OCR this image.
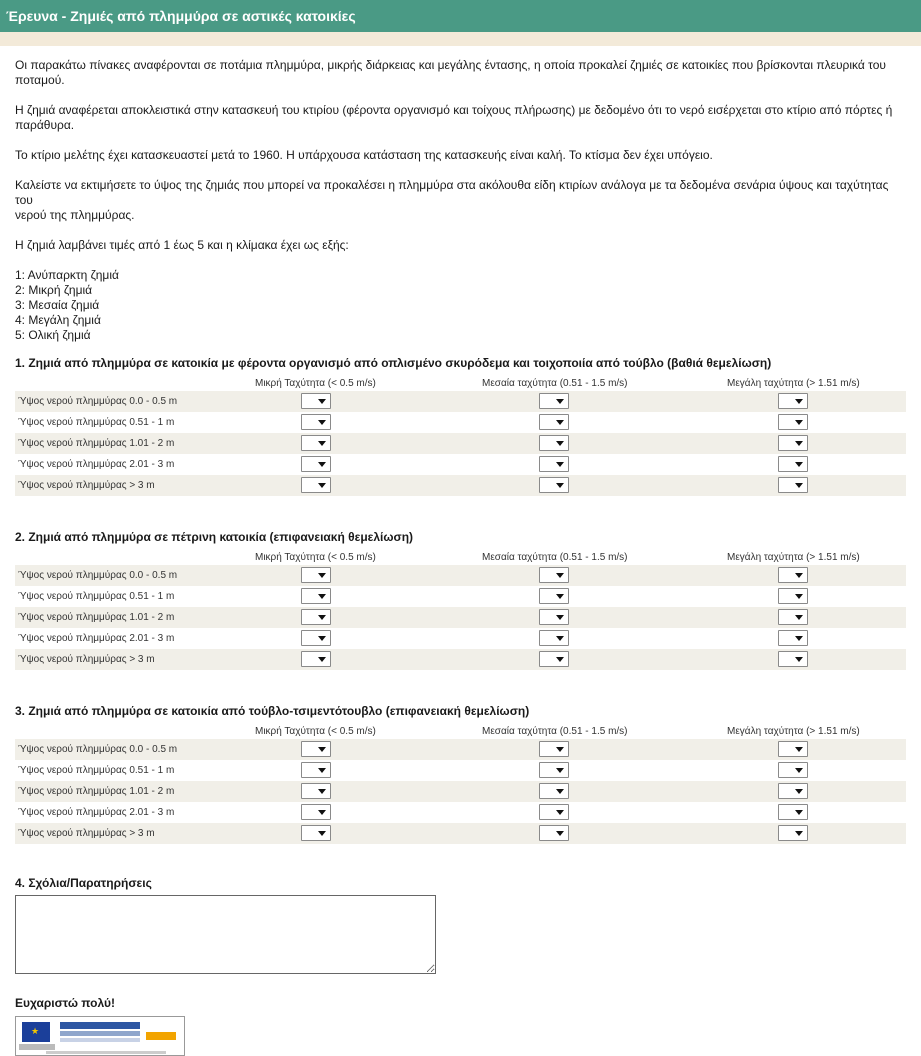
Έρευνα - Ζημιές από πλημμύρα σε αστικές κατοικίες

Οι παρακάτω πίνακες αναφέρονται σε ποτάμια πλημμύρα, μικρής διάρκειας και μεγάλης έντασης, η οποία προκαλεί ζημιές σε κατοικίες που βρίσκονται πλευρικά του

ποταμού.

Η ζημιά αναφέρεται αποκλειστικά στην κατασκευή του κτιρίου (φέροντα οργανισμό και τοίχους πλήρωσης) με δεδομένο ότι το νερό εισέρχεται στο κτίριο από πόρτες ή

παράθυρα.

Το κτίριο μελέτης έχει κατασκευαστεί μετά το 1960. Η υπάρχουσα κατάσταση της κατασκευής είναι καλή. Το κτίσμα δεν έχει υπόγειο.

Καλείστε να εκτιμήσετε το ύψος της ζημιάς που μπορεί να προκαλέσει η πλημμύρα στα ακόλουθα είδη κτιρίων ανάλογα με τα δεδομένα σενάρια ύψους και ταχύτητας του

νερού της πλημμύρας.

Η ζημιά λαμβάνει τιμές από 1 έως 5 και η κλίμακα έχει ως εξής:

1: Ανύπαρκτη ζημιά

2: Μικρή ζημιά

3: Μεσαία ζημιά

4: Μεγάλη ζημιά

5: Ολική ζημιά

1. Ζημιά από πλημμύρα σε κατοικία με φέροντα οργανισμό από οπλισμένο σκυρόδεμα και τοιχοποιία από τούβλο (βαθιά θεμελίωση)

Μικρή Ταχύτητα (< 0.5 m/s)	Μεσαία ταχύτητα (0.51 - 1.5 m/s)	Μεγάλη ταχύτητα (> 1.51 m/s)
Ύψος νερού πλημμύρας 0.0 - 0.5 m
Ύψος νερού πλημμύρας 0.51 - 1 m
Ύψος νερού πλημμύρας 1.01 - 2 m
Ύψος νερού πλημμύρας 2.01 - 3 m
Ύψος νερού πλημμύρας > 3 m

2. Ζημιά από πλημμύρα σε πέτρινη κατοικία (επιφανειακή θεμελίωση)

Μικρή Ταχύτητα (< 0.5 m/s)	Μεσαία ταχύτητα (0.51 - 1.5 m/s)	Μεγάλη ταχύτητα (> 1.51 m/s)
Ύψος νερού πλημμύρας 0.0 - 0.5 m
Ύψος νερού πλημμύρας 0.51 - 1 m
Ύψος νερού πλημμύρας 1.01 - 2 m
Ύψος νερού πλημμύρας 2.01 - 3 m
Ύψος νερού πλημμύρας > 3 m

3. Ζημιά από πλημμύρα σε κατοικία από τούβλο-τσιμεντότουβλο (επιφανειακή θεμελίωση)

Μικρή Ταχύτητα (< 0.5 m/s)	Μεσαία ταχύτητα (0.51 - 1.5 m/s)	Μεγάλη ταχύτητα (> 1.51 m/s)
Ύψος νερού πλημμύρας 0.0 - 0.5 m
Ύψος νερού πλημμύρας 0.51 - 1 m
Ύψος νερού πλημμύρας 1.01 - 2 m
Ύψος νερού πλημμύρας 2.01 - 3 m
Ύψος νερού πλημμύρας > 3 m

4. Σχόλια/Παρατηρήσεις

Ευχαριστώ πολύ!
★
